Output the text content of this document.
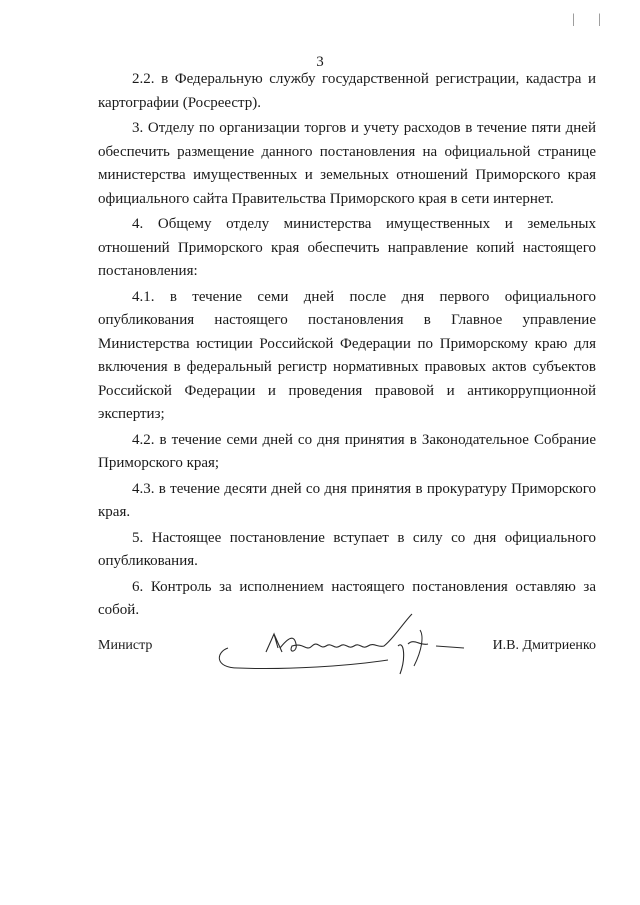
| |
3

2.2. в Федеральную службу государственной регистрации, кадастра и картографии (Росреестр).

3. Отделу по организации торгов и учету расходов в течение пяти дней обеспечить размещение данного постановления на официальной странице министерства имущественных и земельных отношений Приморского края официального сайта Правительства Приморского края в сети интернет.

4. Общему отделу министерства имущественных и земельных отношений Приморского края обеспечить направление копий настоящего постановления:

4.1. в течение семи дней после дня первого официального опубликования настоящего постановления в Главное управление Министерства юстиции Российской Федерации по Приморскому краю для включения в федеральный регистр нормативных правовых актов субъектов Российской Федерации и проведения правовой и антикоррупционной экспертиз;

4.2. в течение семи дней со дня принятия в Законодательное Собрание Приморского края;

4.3. в течение десяти дней со дня принятия в прокуратуру Приморского края.

5. Настоящее постановление вступает в силу со дня официального опубликования.

6. Контроль за исполнением настоящего постановления оставляю за собой.

Министр	И.В. Дмитриенко
